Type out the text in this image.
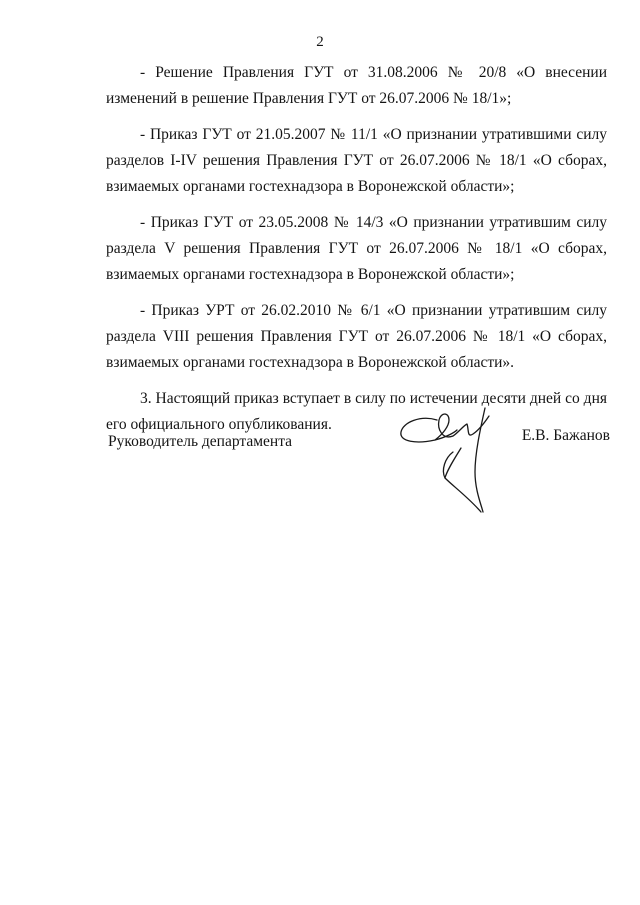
2

- Решение Правления ГУТ от 31.08.2006 № 20/8 «О внесении изменений в решение Правления ГУТ от 26.07.2006 № 18/1»;

- Приказ ГУТ от 21.05.2007 № 11/1 «О признании утратившими силу разделов I-IV решения Правления ГУТ от 26.07.2006 № 18/1 «О сборах, взимаемых органами гостехнадзора в Воронежской области»;

- Приказ ГУТ от 23.05.2008 № 14/3 «О признании утратившим силу раздела V решения Правления ГУТ от 26.07.2006 № 18/1 «О сборах, взимаемых органами гостехнадзора в Воронежской области»;

- Приказ УРТ от 26.02.2010 № 6/1 «О признании утратившим силу раздела VIII решения Правления ГУТ от 26.07.2006 № 18/1 «О сборах, взимаемых органами гостехнадзора в Воронежской области».

3. Настоящий приказ вступает в силу по истечении десяти дней со дня его официального опубликования.

Руководитель департамента	Е.В. Бажанов
